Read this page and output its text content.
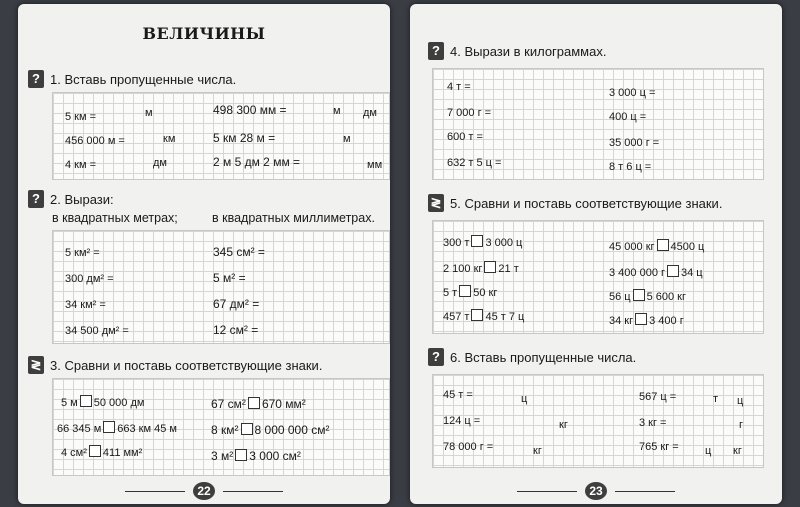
ВЕЛИЧИНЫ
? 1. Вставь пропущенные числа.
5 км =	м	498 300 мм =	м дм
456 000 м =	км	5 км 28 м =	м
4 км =	дм	2 м 5 дм 2 мм =	мм
? 2. Вырази:
в квадратных метрах;	в квадратных миллиметрах.
5 км² =	345 см² =
300 дм² =	5 м² =
34 км² =	67 дм² =
34 500 дм² =	12 см² =
≷ 3. Сравни и поставь соответствующие знаки.
5 м 50 000 дм	67 см² 670 мм²
66 345 м 663 км 45 м	8 км² 8 000 000 см²
4 см² 411 мм²	3 м² 3 000 см²
22
? 4. Вырази в килограммах.
4 т =	3 000 ц =
7 000 г =	400 ц =
600 т =	35 000 г =
632 т 5 ц =	8 т 6 ц =
≷ 5. Сравни и поставь соответствующие знаки.
300 т 3 000 ц	45 000 кг 4500 ц
2 100 кг 21 т	3 400 000 г 34 ц
5 т 50 кг	56 ц 5 600 кг
457 т 45 т 7 ц	34 кг 3 400 г
? 6. Вставь пропущенные числа.
45 т =	ц	567 ц =	т ц
124 ц =	кг	3 кг =	г
78 000 г =	кг	765 кг = ц кг
23
